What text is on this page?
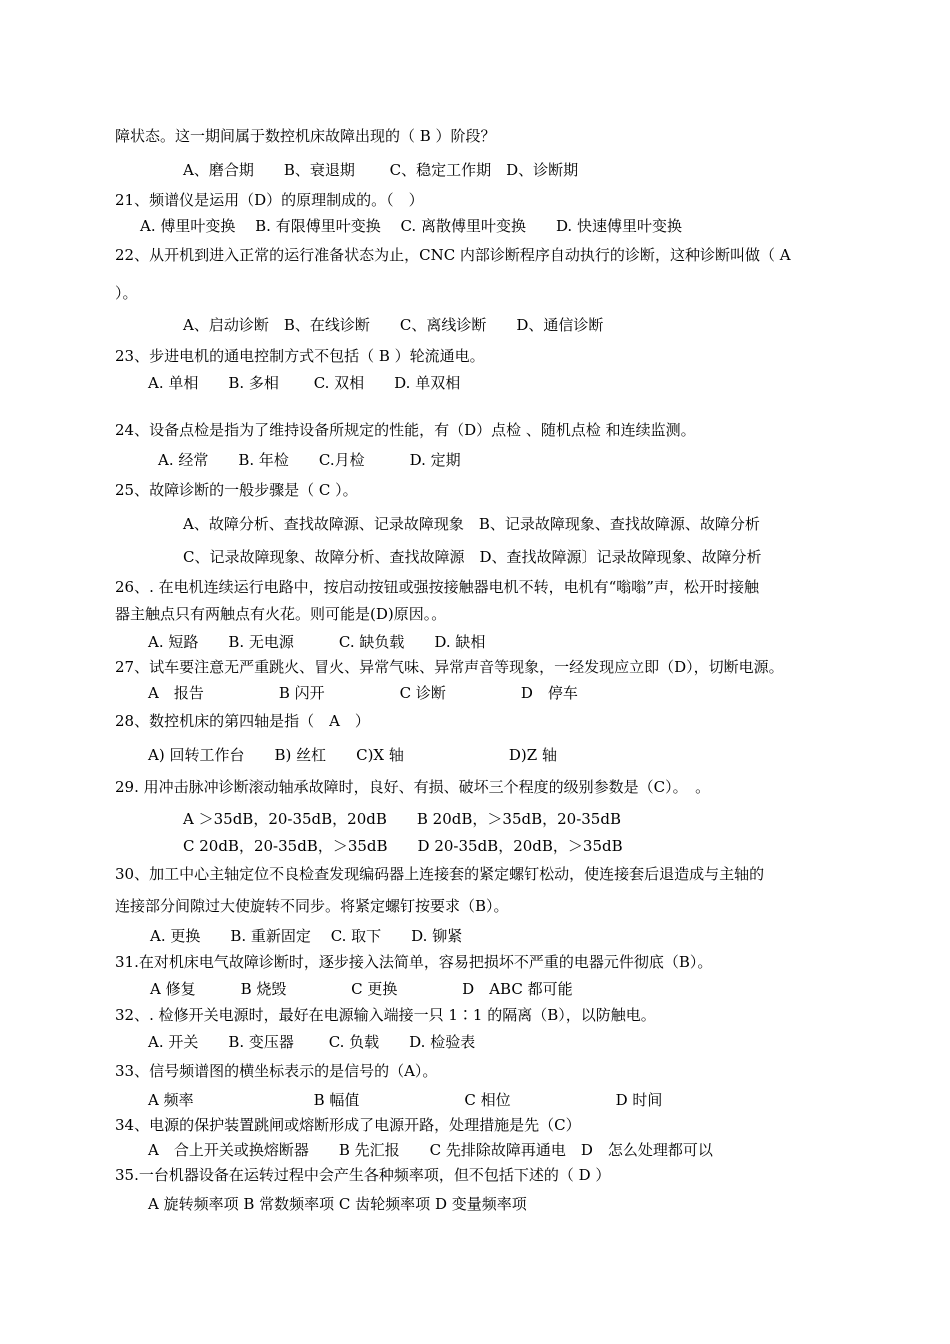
障状态。这一期间属于数控机床故障出现的（ B ）阶段？
A、磨合期　　B、衰退期　　 C、稳定工作期　D、诊断期
21、频谱仪是运用（D）的原理制成的。（　）
A. 傅里叶变换　 B. 有限傅里叶变换　 C. 离散傅里叶变换　　D. 快速傅里叶变换
22、从开机到进入正常的运行准备状态为止，CNC 内部诊断程序自动执行的诊断，这种诊断叫做（ A
）。
A、启动诊断　B、在线诊断　　C、离线诊断　　D、通信诊断
23、步进电机的通电控制方式不包括（ B ）轮流通电。
A. 单相　　B. 多相　　 C. 双相　　D. 单双相
24、设备点检是指为了维持设备所规定的性能，有（D）点检 、随机点检 和连续监测。
A. 经常　　B. 年检　　C.月检　　　D. 定期
25、故障诊断的一般步骤是（ C ）。
A、故障分析、查找故障源、记录故障现象　B、记录故障现象、查找故障源、故障分析
C、记录故障现象、故障分析、查找故障源　D、查找故障源〕记录故障现象、故障分析
26、. 在电机连续运行电路中，按启动按钮或强按接触器电机不转，电机有“嗡嗡”声，松开时接触
器主触点只有两触点有火花。则可能是(D)原因。。
A. 短路　　B. 无电源　　　C. 缺负载　　D. 缺相
27、试车要注意无严重跳火、冒火、异常气味、异常声音等现象，一经发现应立即（D），切断电源。
A　报告　　　　　B 闪开　　　　　C 诊断　　　　　D　停车
28、数控机床的第四轴是指（　A　）
A) 回转工作台　　B) 丝杠　　C)X 轴　　　　　　　D)Z 轴
29. 用冲击脉冲诊断滚动轴承故障时，良好、有损、破坏三个程度的级别参数是（C）。　。
A ＞35dB，20-35dB，20dB　　B 20dB，＞35dB，20-35dB
C 20dB，20-35dB，＞35dB　　D 20-35dB，20dB，＞35dB
30、加工中心主轴定位不良检查发现编码器上连接套的紧定螺钉松动，使连接套后退造成与主轴的
连接部分间隙过大使旋转不同步。将紧定螺钉按要求（B）。
A. 更换　　B. 重新固定　 C. 取下　　D. 铆紧
31.在对机床电气故障诊断时，逐步接入法简单，容易把损坏不严重的电器元件彻底（B）。
A 修复　　　B 烧毁　　　　 C 更换　　　　 D　ABC 都可能
32、. 检修开关电源时，最好在电源输入端接一只 1∶1 的隔离（B），以防触电。
A. 开关　　B. 变压器　　 C. 负载　　D. 检验表
33、信号频谱图的横坐标表示的是信号的（A）。
A 频率　　　　　　　　B 幅值　　　　　　　C 相位　　　　　　　D 时间
34、电源的保护装置跳闸或熔断形成了电源开路，处理措施是先（C）
A　合上开关或换熔断器　　B 先汇报　　C 先排除故障再通电　D　怎么处理都可以
35.一台机器设备在运转过程中会产生各种频率项，但不包括下述的（ D ）
A 旋转频率项 B 常数频率项 C 齿轮频率项 D 变量频率项
